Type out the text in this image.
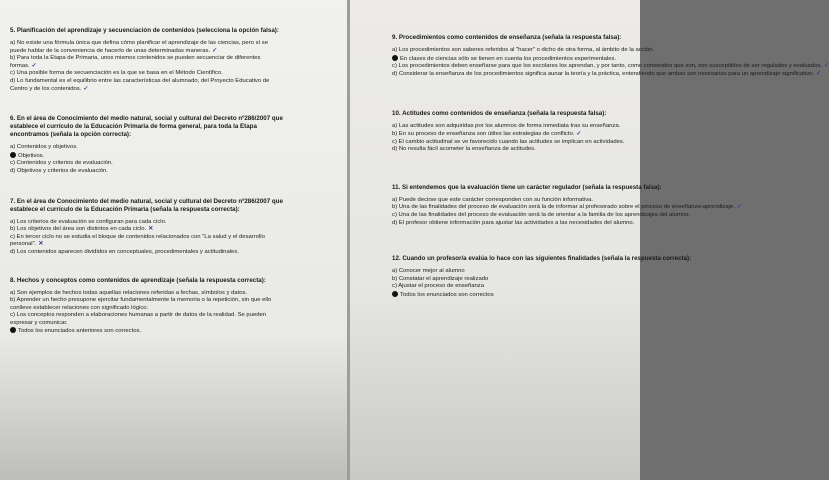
5. Planificación del aprendizaje y secuenciación de contenidos (selecciona la opción falsa):

a) No existe una fórmula única que defina cómo planificar el aprendizaje de las ciencias, pero sí se puede hablar de la conveniencia de hacerlo de unas determinadas maneras. ✓

b) Para toda la Etapa de Primaria, unos mismos contenidos se pueden secuenciar de diferentes formas. ✓

c) Una posible forma de secuenciación es la que se basa en el Método Científico.

d) Lo fundamental es el equilibrio entre las características del alumnado, del Proyecto Educativo de Centro y de los contenidos. ✓

6. En el área de Conocimiento del medio natural, social y cultural del Decreto nº286/2007 que establece el currículo de la Educación Primaria de forma general, para toda la Etapa encontramos (señala la opción correcta):

a) Contenidos y objetivos.

Objetivos.

c) Contenidos y criterios de evaluación.

d) Objetivos y criterios de evaluación.

7. En el área de Conocimiento del medio natural, social y cultural del Decreto nº286/2007 que establece el currículo de la Educación Primaria (señala la respuesta correcta):

a) Los criterios de evaluación se configuran para cada ciclo.

b) Los objetivos del área son distintos en cada ciclo. ✕

c) En tercer ciclo no se estudia el bloque de contenidos relacionados con "La salud y el desarrollo personal". ✕

d) Los contenidos aparecen divididos en conceptuales, procedimentales y actitudinales.

8. Hechos y conceptos como contenidos de aprendizaje (señala la respuesta correcta):

a) Son ejemplos de hechos todas aquellas relaciones referidas a fechas, símbolos y datos.

b) Aprender un hecho presupone ejercitar fundamentalmente la memoria o la repetición, sin que ello conlleve establecer relaciones con significado lógico.

c) Los conceptos responden a elaboraciones humanas a partir de datos de la realidad. Se pueden expresar y comunicar.

Todos los enunciados anteriores son correctos.

9. Procedimientos como contenidos de enseñanza (señala la respuesta falsa):

a) Los procedimientos son saberes referidos al "hacer" o dicho de otra forma, al ámbito de la acción.

En clases de ciencias sólo se tienen en cuenta los procedimientos experimentales.

c) Los procedimientos deben enseñarse para que los escolares los aprendan, y por tanto, como contenidos que son, son susceptibles de ser regulados y evaluados. ✓

d) Considerar la enseñanza de los procedimientos significa aunar la teoría y la práctica, entendiendo que ambas son necesarias para un aprendizaje significativo. ✓

10. Actitudes como contenidos de enseñanza (señala la respuesta falsa):

a) Las actitudes son adquiridas por los alumnos de forma inmediata tras su enseñanza.

b) En su proceso de enseñanza son útiles las estrategias de conflicto. ✓

c) El cambio actitudinal se ve favorecido cuando las actitudes se implican en actividades.

d) No resulta fácil acometer la enseñanza de actitudes.

11. Si entendemos que la evaluación tiene un carácter regulador (señala la respuesta falsa):

a) Puede decirse que este carácter corresponden con su función informativa.

b) Una de las finalidades del proceso de evaluación será la de informar al profesorado sobre el proceso de enseñanza-aprendizaje. ✓

c) Una de las finalidades del proceso de evaluación será la de orientar a la familia de los aprendizajes del alumno.

d) El profesor obtiene información para ajustar las actividades a las necesidades del alumno.

12. Cuando un profesor/a evalúa lo hace con las siguientes finalidades (señala la respuesta correcta):

a) Conocer mejor al alumno

b) Constatar el aprendizaje realizado

c) Ajustar el proceso de enseñanza

Todos los enunciados son correctos
